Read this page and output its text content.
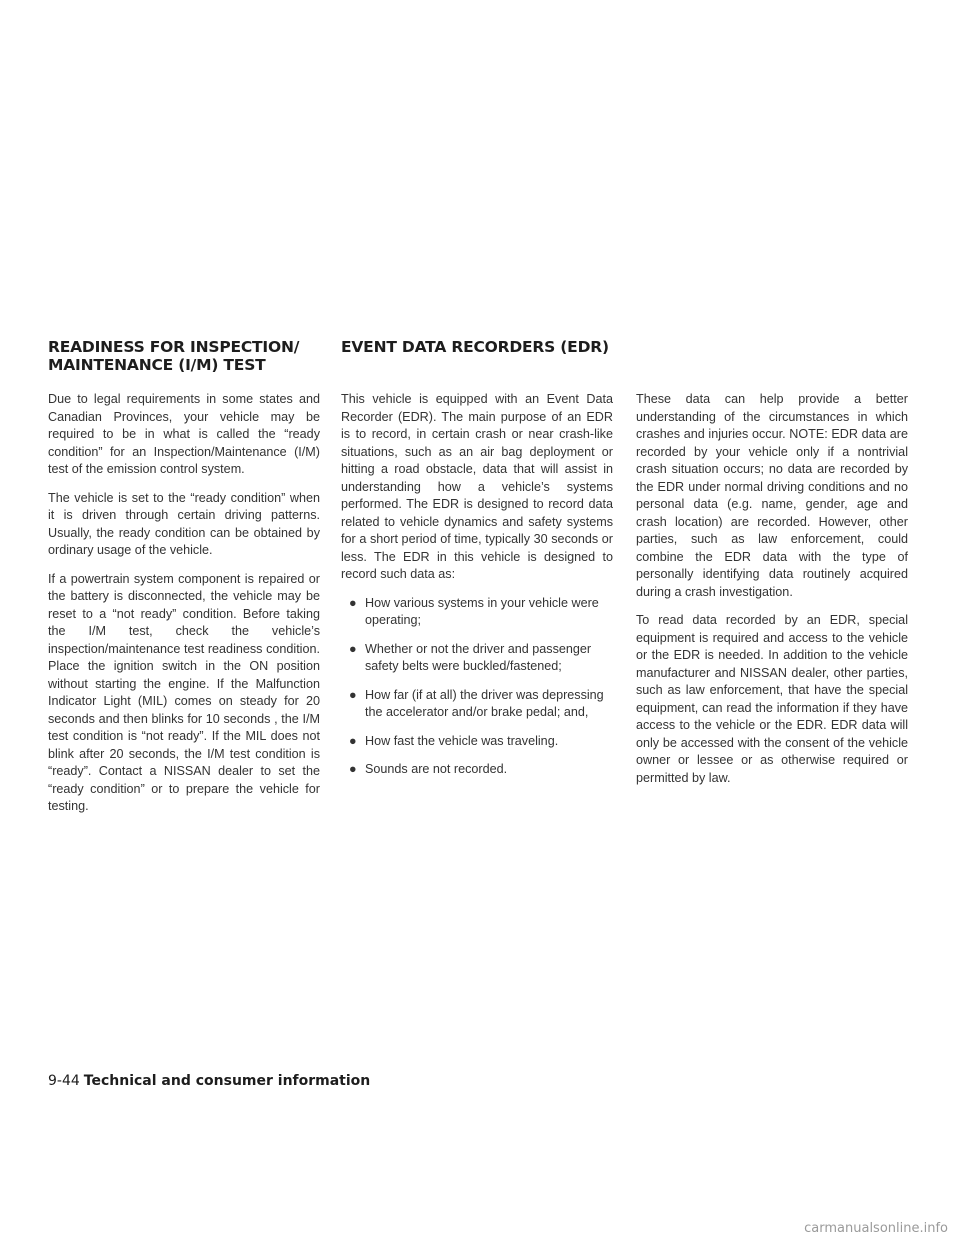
READINESS FOR INSPECTION/ MAINTENANCE (I/M) TEST
EVENT DATA RECORDERS (EDR)

Due to legal requirements in some states and Canadian Provinces, your vehicle may be required to be in what is called the “ready condition” for an Inspection/Maintenance (I/M) test of the emission control system.

The vehicle is set to the “ready condition” when it is driven through certain driving patterns. Usually, the ready condition can be obtained by ordinary usage of the vehicle.

If a powertrain system component is repaired or the battery is disconnected, the vehicle may be reset to a “not ready” condition. Before taking the I/M test, check the vehicle’s inspection/maintenance test readiness condition. Place the ignition switch in the ON position without starting the engine. If the Malfunction Indicator Light (MIL) comes on steady for 20 seconds and then blinks for 10 seconds , the I/M test condition is “not ready”. If the MIL does not blink after 20 seconds, the I/M test condition is “ready”. Contact a NISSAN dealer to set the “ready condition” or to prepare the vehicle for testing.

This vehicle is equipped with an Event Data Recorder (EDR). The main purpose of an EDR is to record, in certain crash or near crash-like situations, such as an air bag deployment or hitting a road obstacle, data that will assist in understanding how a vehicle’s systems performed. The EDR is designed to record data related to vehicle dynamics and safety systems for a short period of time, typically 30 seconds or less. The EDR in this vehicle is designed to record such data as:

● How various systems in your vehicle were operating;
● Whether or not the driver and passenger safety belts were buckled/fastened;
● How far (if at all) the driver was depressing the accelerator and/or brake pedal; and,
● How fast the vehicle was traveling.
● Sounds are not recorded.

These data can help provide a better understanding of the circumstances in which crashes and injuries occur. NOTE: EDR data are recorded by your vehicle only if a nontrivial crash situation occurs; no data are recorded by the EDR under normal driving conditions and no personal data (e.g. name, gender, age and crash location) are recorded. However, other parties, such as law enforcement, could combine the EDR data with the type of personally identifying data routinely acquired during a crash investigation.

To read data recorded by an EDR, special equipment is required and access to the vehicle or the EDR is needed. In addition to the vehicle manufacturer and NISSAN dealer, other parties, such as law enforcement, that have the special equipment, can read the information if they have access to the vehicle or the EDR. EDR data will only be accessed with the consent of the vehicle owner or lessee or as otherwise required or permitted by law.

9-44 Technical and consumer information
carmanualsonline.info
